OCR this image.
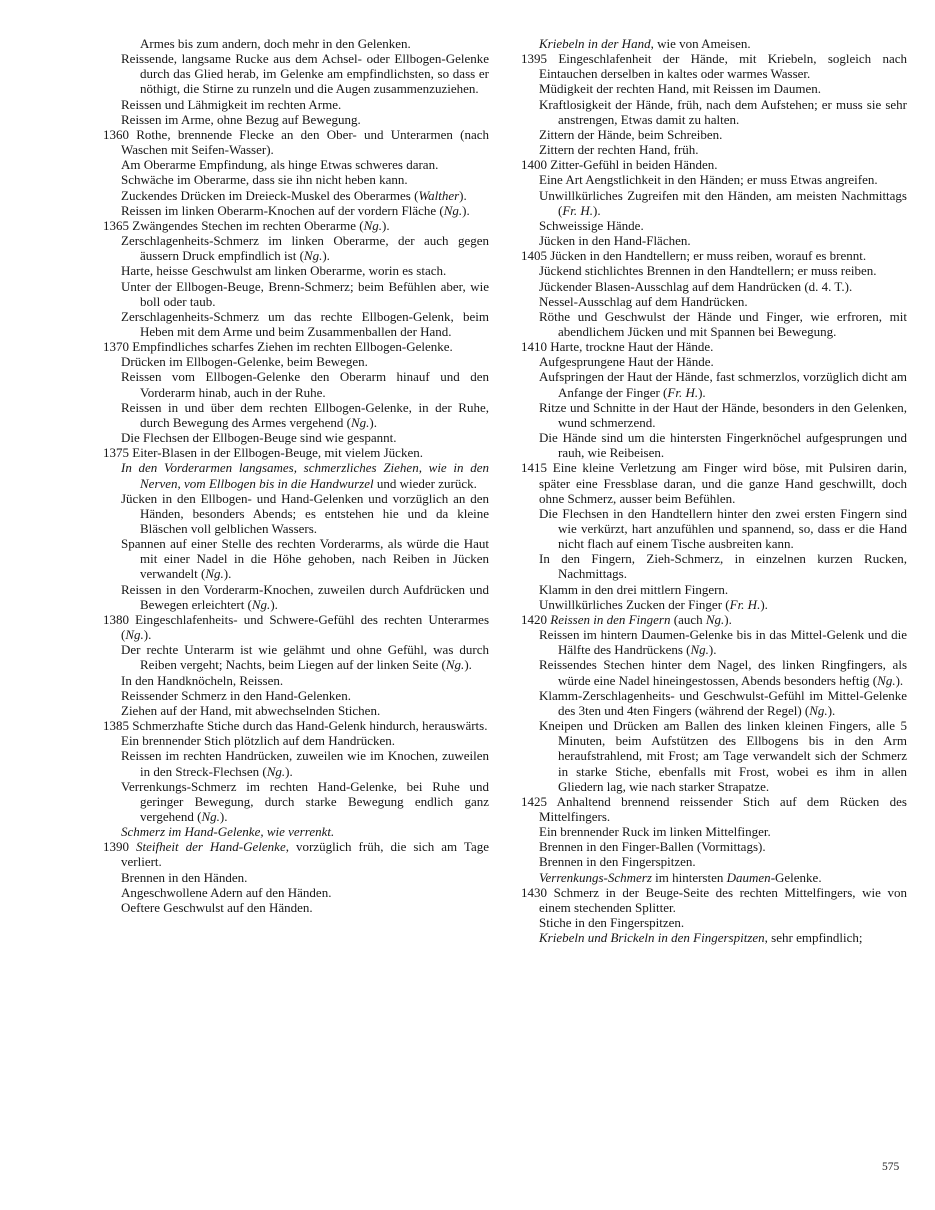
Armes bis zum andern, doch mehr in den Gelenken.

Reissende, langsame Rucke aus dem Achsel- oder Ellbogen-Gelenke durch das Glied herab, im Gelenke am empfindlichsten, so dass er nöthigt, die Stirne zu runzeln und die Augen zusammenzuziehen.

Reissen und Lähmigkeit im rechten Arme.

Reissen im Arme, ohne Bezug auf Bewegung.

1360 Rothe, brennende Flecke an den Ober- und Unterarmen (nach Waschen mit Seifen-Wasser).

Am Oberarme Empfindung, als hinge Etwas schweres daran.

Schwäche im Oberarme, dass sie ihn nicht heben kann.

Zuckendes Drücken im Dreieck-Muskel des Oberarmes (Walther).

Reissen im linken Oberarm-Knochen auf der vordern Fläche (Ng.).

1365 Zwängendes Stechen im rechten Oberarme (Ng.).

Zerschlagenheits-Schmerz im linken Oberarme, der auch gegen äussern Druck empfindlich ist (Ng.).

Harte, heisse Geschwulst am linken Oberarme, worin es stach.

Unter der Ellbogen-Beuge, Brenn-Schmerz; beim Befühlen aber, wie boll oder taub.

Zerschlagenheits-Schmerz um das rechte Ellbogen-Gelenk, beim Heben mit dem Arme und beim Zusammenballen der Hand.

1370 Empfindliches scharfes Ziehen im rechten Ellbogen-Gelenke.

Drücken im Ellbogen-Gelenke, beim Bewegen.

Reissen vom Ellbogen-Gelenke den Oberarm hinauf und den Vorderarm hinab, auch in der Ruhe.

Reissen in und über dem rechten Ellbogen-Gelenke, in der Ruhe, durch Bewegung des Armes vergehend (Ng.).

Die Flechsen der Ellbogen-Beuge sind wie gespannt.

1375 Eiter-Blasen in der Ellbogen-Beuge, mit vielem Jücken.

In den Vorderarmen langsames, schmerzliches Ziehen, wie in den Nerven, vom Ellbogen bis in die Handwurzel und wieder zurück.

Jücken in den Ellbogen- und Hand-Gelenken und vorzüglich an den Händen, besonders Abends; es entstehen hie und da kleine Bläschen voll gelblichen Wassers.

Spannen auf einer Stelle des rechten Vorderarms, als würde die Haut mit einer Nadel in die Höhe gehoben, nach Reiben in Jücken verwandelt (Ng.).

Reissen in den Vorderarm-Knochen, zuweilen durch Aufdrücken und Bewegen erleichtert (Ng.).

1380 Eingeschlafenheits- und Schwere-Gefühl des rechten Unterarmes (Ng.).

Der rechte Unterarm ist wie gelähmt und ohne Gefühl, was durch Reiben vergeht; Nachts, beim Liegen auf der linken Seite (Ng.).

In den Handknöcheln, Reissen.

Reissender Schmerz in den Hand-Gelenken.

Ziehen auf der Hand, mit abwechselnden Stichen.

1385 Schmerzhafte Stiche durch das Hand-Gelenk hindurch, herauswärts.

Ein brennender Stich plötzlich auf dem Handrücken.

Reissen im rechten Handrücken, zuweilen wie im Knochen, zuweilen in den Streck-Flechsen (Ng.).

Verrenkungs-Schmerz im rechten Hand-Gelenke, bei Ruhe und geringer Bewegung, durch starke Bewegung endlich ganz vergehend (Ng.).

Schmerz im Hand-Gelenke, wie verrenkt.

1390 Steifheit der Hand-Gelenke, vorzüglich früh, die sich am Tage verliert.

Brennen in den Händen.

Angeschwollene Adern auf den Händen.

Oeftere Geschwulst auf den Händen.

Kriebeln in der Hand, wie von Ameisen.

1395 Eingeschlafenheit der Hände, mit Kriebeln, sogleich nach Eintauchen derselben in kaltes oder warmes Wasser.

Müdigkeit der rechten Hand, mit Reissen im Daumen.

Kraftlosigkeit der Hände, früh, nach dem Aufstehen; er muss sie sehr anstrengen, Etwas damit zu halten.

Zittern der Hände, beim Schreiben.

Zittern der rechten Hand, früh.

1400 Zitter-Gefühl in beiden Händen.

Eine Art Aengstlichkeit in den Händen; er muss Etwas angreifen.

Unwillkürliches Zugreifen mit den Händen, am meisten Nachmittags (Fr. H.).

Schweissige Hände.

Jücken in den Hand-Flächen.

1405 Jücken in den Handtellern; er muss reiben, worauf es brennt.

Jückend stichlichtes Brennen in den Handtellern; er muss reiben.

Jückender Blasen-Ausschlag auf dem Handrücken (d. 4. T.).

Nessel-Ausschlag auf dem Handrücken.

Röthe und Geschwulst der Hände und Finger, wie erfroren, mit abendlichem Jücken und mit Spannen bei Bewegung.

1410 Harte, trockne Haut der Hände.

Aufgesprungene Haut der Hände.

Aufspringen der Haut der Hände, fast schmerzlos, vorzüglich dicht am Anfange der Finger (Fr. H.).

Ritze und Schnitte in der Haut der Hände, besonders in den Gelenken, wund schmerzend.

Die Hände sind um die hintersten Fingerknöchel aufgesprungen und rauh, wie Reibeisen.

1415 Eine kleine Verletzung am Finger wird böse, mit Pulsiren darin, später eine Fressblase daran, und die ganze Hand geschwillt, doch ohne Schmerz, ausser beim Befühlen.

Die Flechsen in den Handtellern hinter den zwei ersten Fingern sind wie verkürzt, hart anzufühlen und spannend, so, dass er die Hand nicht flach auf einem Tische ausbreiten kann.

In den Fingern, Zieh-Schmerz, in einzelnen kurzen Rucken, Nachmittags.

Klamm in den drei mittlern Fingern.

Unwillkürliches Zucken der Finger (Fr. H.).

1420 Reissen in den Fingern (auch Ng.).

Reissen im hintern Daumen-Gelenke bis in das Mittel-Gelenk und die Hälfte des Handrückens (Ng.).

Reissendes Stechen hinter dem Nagel, des linken Ringfingers, als würde eine Nadel hineingestossen, Abends besonders heftig (Ng.).

Klamm-Zerschlagenheits- und Geschwulst-Gefühl im Mittel-Gelenke des 3ten und 4ten Fingers (während der Regel) (Ng.).

Kneipen und Drücken am Ballen des linken kleinen Fingers, alle 5 Minuten, beim Aufstützen des Ellbogens bis in den Arm heraufstrahlend, mit Frost; am Tage verwandelt sich der Schmerz in starke Stiche, ebenfalls mit Frost, wobei es ihm in allen Gliedern lag, wie nach starker Strapatze.

1425 Anhaltend brennend reissender Stich auf dem Rücken des Mittelfingers.

Ein brennender Ruck im linken Mittelfinger.

Brennen in den Finger-Ballen (Vormittags).

Brennen in den Fingerspitzen.

Verrenkungs-Schmerz im hintersten Daumen-Gelenke.

1430 Schmerz in der Beuge-Seite des rechten Mittelfingers, wie von einem stechenden Splitter.

Stiche in den Fingerspitzen.

Kriebeln und Brickeln in den Fingerspitzen, sehr empfindlich;

575
